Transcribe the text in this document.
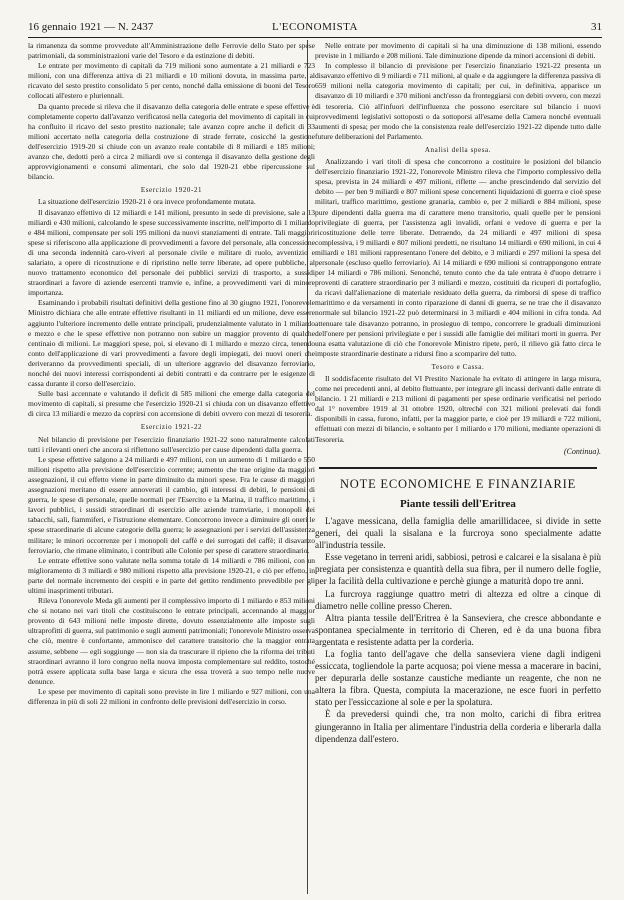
16 gennaio 1921 — N. 2437	L'ECONOMISTA	31

la rimanenza da somme provvedute all'Amministrazione delle Ferrovie dello Stato per spese patrimoniali, da somministrazioni varie del Tesoro e da estinzione di debiti.

Le entrate per movimento di capitali da 719 milioni sono aumentate a 21 miliardi e 723 milioni, con una differenza attiva di 21 miliardi e 10 milioni dovuta, in massima parte, al ricavato del sesto prestito consolidato 5 per cento, nonché dalla emissione di buoni del Tesoro collocati all'estero e pluriennali.

Da quanto precede si rileva che il disavanzo della categoria delle entrate e spese effettive è completamente coperto dall'avanzo verificatosi nella categoria del movimento di capitali in cui ha confluito il ricavo del sesto prestito nazionale; tale avanzo copre anche il deficit di 33 milioni accertato nella categoria della costruzione di strade ferrate, cosicché la gestione dell'esercizio 1919-20 si chiude con un avanzo reale contabile di 8 miliardi e 185 milioni; avanzo che, dedotti però a circa 2 miliardi ove si contenga il disavanzo della gestione degli approvvigionamenti e consumi alimentari, che solo dal 1920-21 ebbe ripercussione sul bilancio.

Esercizio 1920-21

La situazione dell'esercizio 1920-21 è ora invece profondamente mutata.

Il disavanzo effettivo di 12 miliardi e 141 milioni, presunto in sede di previsione, sale a 13 miliardi e 430 milioni, calcolando le spese successivamente inscritte, nell'importo di 1 miliardo e 484 milioni, compensate per soli 195 milioni da nuovi stanziamenti di entrate. Tali maggiori spese si riferiscono alla applicazione di provvedimenti a favore del personale, alla concessione di una seconda indennità caro-viveri al personale civile e militare di ruolo, avventizio e salariato, a opere di ricostruzione e di ripristino nelle terre liberate, ad opere pubbliche, al nuovo trattamento economico del personale dei pubblici servizi di trasporto, a sussidi straordinari a favore di aziende esercenti tramvie e, infine, a provvedimenti vari di minore importanza.

Esaminando i probabili risultati definitivi della gestione fino al 30 giugno 1921, l'onorevole Ministro dichiara che alle entrate effettive risultanti in 11 miliardi ed un milione, deve essere aggiunto l'ulteriore incremento delle entrate principali, prudenzialmente valutato in 1 miliardo e mezzo e che le spese effettive non potranno non subire un maggior provento di qualche centinaio di milioni. Le maggiori spese, poi, si elevano di 1 miliardo e mezzo circa, tenendo conto dell'applicazione di vari provvedimenti a favore degli impiegati, dei nuovi oneri che deriveranno da provvedimenti speciali, di un ulteriore aggravio del disavanzo ferroviario, nonché dei nuovi interessi corrispondenti ai debiti contratti e da contrarre per le esigenze di cassa durante il corso dell'esercizio.

Sulle basi accennate e valutando il deficit di 585 milioni che emerge dalla categoria del movimento di capitali, si presume che l'esercizio 1920-21 si chiuda con un disavanzo effettivo di circa 13 miliardi e mezzo da coprirsi con accensione di debiti ovvero con mezzi di tesoreria.

Esercizio 1921-22

Nel bilancio di previsione per l'esercizio finanziario 1921-22 sono naturalmente calcolati tutti i rilevanti oneri che ancora si riflettono sull'esercizio per cause dipendenti dalla guerra.

Le spese effettive salgono a 24 miliardi e 497 milioni, con un aumento di 1 miliardo e 550 milioni rispetto alla previsione dell'esercizio corrente; aumento che trae origine da maggiori assegnazioni, il cui effetto viene in parte diminuito da minori spese. Fra le cause di maggiori assegnazioni meritano di essere annoverati il cambio, gli interessi di debiti, le pensioni di guerra, le spese di personale, quelle normali per l'Esercito e la Marina, il traffico marittimo, i lavori pubblici, i sussidi straordinari di esercizio alle aziende tramviarie, i monopoli dei tabacchi, sali, fiammiferi, e l'istruzione elementare. Concorrono invece a diminuire gli oneri le spese straordinarie di alcune categorie della guerra; le assegnazioni per i servizi dell'assistenza militare; le minori occorrenze per i monopoli del caffè e dei surrogati del caffè; il disavanzo ferroviario, che rimane eliminato, i contributi alle Colonie per spese di carattere straordinario.

Le entrate effettive sono valutate nella somma totale di 14 miliardi e 786 milioni, con un miglioramento di 3 miliardi e 980 milioni rispetto alla previsione 1920-21, e ciò per effetto, in parte del normale incremento dei cespiti e in parte del gettito rendimento prevedibile per gli ultimi inasprimenti tributari.

Rileva l'onorevole Meda gli aumenti per il complessivo importo di 1 miliardo e 853 milioni che si notano nei vari titoli che costituiscono le entrate principali, accennando al maggior provento di 643 milioni nelle imposte dirette, dovuto essenzialmente alle imposte sugli ultraprofitti di guerra, sul patrimonio e sugli aumenti patrimoniali; l'onorevole Ministro osserva che ciò, mentre è confortante, ammonisce del carattere transitorio che la maggior entrata assume, sebbene — egli soggiunge — non sia da trascurare il ripieno che la riforma dei tributi straordinari avranno il loro congruo nella nuova imposta complementare sul reddito, tostoché potrà essere applicata sulla base larga e sicura che essa troverà a suo tempo nelle nuove denunce.

Le spese per movimento di capitali sono previste in lire 1 miliardo e 927 milioni, con una differenza in più di soli 22 milioni in confronto delle previsioni dell'esercizio in corso.

Nelle entrate per movimento di capitali si ha una diminuzione di 138 milioni, essendo previste in 1 miliardo e 208 milioni. Tale diminuzione dipende da minori accensioni di debiti.

In complesso il bilancio di previsione per l'esercizio finanziario 1921-22 presenta un disavanzo effettivo di 9 miliardi e 711 milioni, al quale e da aggiungere la differenza passiva di 659 milioni nella categoria movimento di capitali; per cui, in definitiva, apparisce un disavanzo di 10 miliardi e 370 milioni anch'esso da fronteggiarsi con debiti ovvero, con mezzi di tesoreria. Ciò all'infuori dell'influenza che possono esercitare sul bilancio i nuovi provvedimenti legislativi sottoposti o da sottoporsi all'esame della Camera nonché eventuali aumenti di spesa; per modo che la consistenza reale dell'esercizio 1921-22 dipende tutto dalle future deliberazioni del Parlamento.

Analisi della spesa.

Analizzando i vari titoli di spesa che concorrono a costituire le posizioni del bilancio dell'esercizio finanziario 1921-22, l'onorevole Ministro rileva che l'importo complessivo della spesa, prevista in 24 miliardi e 497 milioni, riflette — anche prescindendo dal servizio del debito — per ben 9 miliardi e 807 milioni spese concernenti liquidazioni di guerra e cioè spese militari, traffico marittimo, gestione granaria, cambio e, per 2 miliardi e 884 milioni, spese pure dipendenti dalla guerra ma di carattere meno transitorio, quali quelle per le pensioni privilegiate di guerra, per l'assistenza agli invalidi, orfani e vedove di guerra e per la ricostituzione delle terre liberate. Detraendo, da 24 miliardi e 497 milioni di spesa complessiva, i 9 miliardi e 807 milioni predetti, ne risultano 14 miliardi e 690 milioni, in cui 4 miliardi e 181 milioni rappresentano l'onere del debito, e 3 miliardi e 297 milioni la spesa del personale (escluso quello ferroviario). Ai 14 miliardi e 690 milioni si contrappongono entrate per 14 miliardi e 786 milioni. Senonché, tenuto conto che da tale entrata è d'uopo detrarre i proventi di carattere straordinario per 3 miliardi e mezzo, costituiti da ricuperi di portafoglio, da ricavi dall'alienazione di materiale residuato della guerra, da rimborsi di spese di traffico marittimo e da versamenti in conto riparazione di danni di guerra, se ne trae che il disavanzo normale sul bilancio 1921-22 può determinarsi in 3 miliardi e 404 milioni in cifra tonda. Ad attenuare tale disavanzo potranno, in prosieguo di tempo, concorrere le graduali diminuzioni dell'onere per pensioni privilegiate e per i sussidi alle famiglie dei militari morti in guerra. Per una esatta valutazione di ciò che l'onorevole Ministro ripete, però, il rilievo già fatto circa le imposte straordinarie destinate a ridursi fino a scomparire del tutto.

Tesoro e Cassa.

Il soddisfacente risultato del VI Prestito Nazionale ha evitato di attingere in larga misura, come nei precedenti anni, al debito fluttuante, per integrare gli incassi derivanti dalle entrate di bilancio. 1 21 miliardi e 213 milioni di pagamenti per spese ordinarie verificatisi nel periodo dal 1° novembre 1919 al 31 ottobre 1920, oltreché con 321 milioni prelevati dai fondi disponibili in cassa, furono, infatti, per la maggior parte, e cioè per 19 miliardi e 722 milioni, effettuati con mezzi di bilancio, e soltanto per 1 miliardo e 170 milioni, mediante operazioni di Tesoreria.

(Continua).
NOTE ECONOMICHE E FINANZIARIE
Piante tessili dell'Eritrea

L'agave messicana, della famiglia delle amarillidacee, si divide in sette generi, dei quali la sisalana e la furcroya sono specialmente adatte all'industria tessile.

Esse vegetano in terreni aridi, sabbiosi, petrosi e calcarei e la sisalana è più pregiata per consistenza e quantità della sua fibra, per il numero delle foglie, per la facilità della cultivazione e perchè giunge a maturità dopo tre anni.

La furcroya raggiunge quattro metri di altezza ed oltre a cinque di diametro nelle colline presso Cheren.

Altra pianta tessile dell'Eritrea è la Sanseviera, che cresce abbondante e spontanea specialmente in territorio di Cheren, ed è da una buona fibra argentata e resistente adatta per la corderia.

La foglia tanto dell'agave che della sanseviera viene dagli indigeni essiccata, togliendole la parte acquosa; poi viene messa a macerare in bacini, per depurarla delle sostanze caustiche mediante un reagente, che non ne altera la fibra. Questa, compiuta la macerazione, ne esce fuori in perfetto stato per l'essiccazione al sole e per la spolatura.

È da prevedersi quindi che, tra non molto, carichi di fibra eritrea giungeranno in Italia per alimentare l'industria della corderia e liberarla dalla dipendenza dall'estero.
